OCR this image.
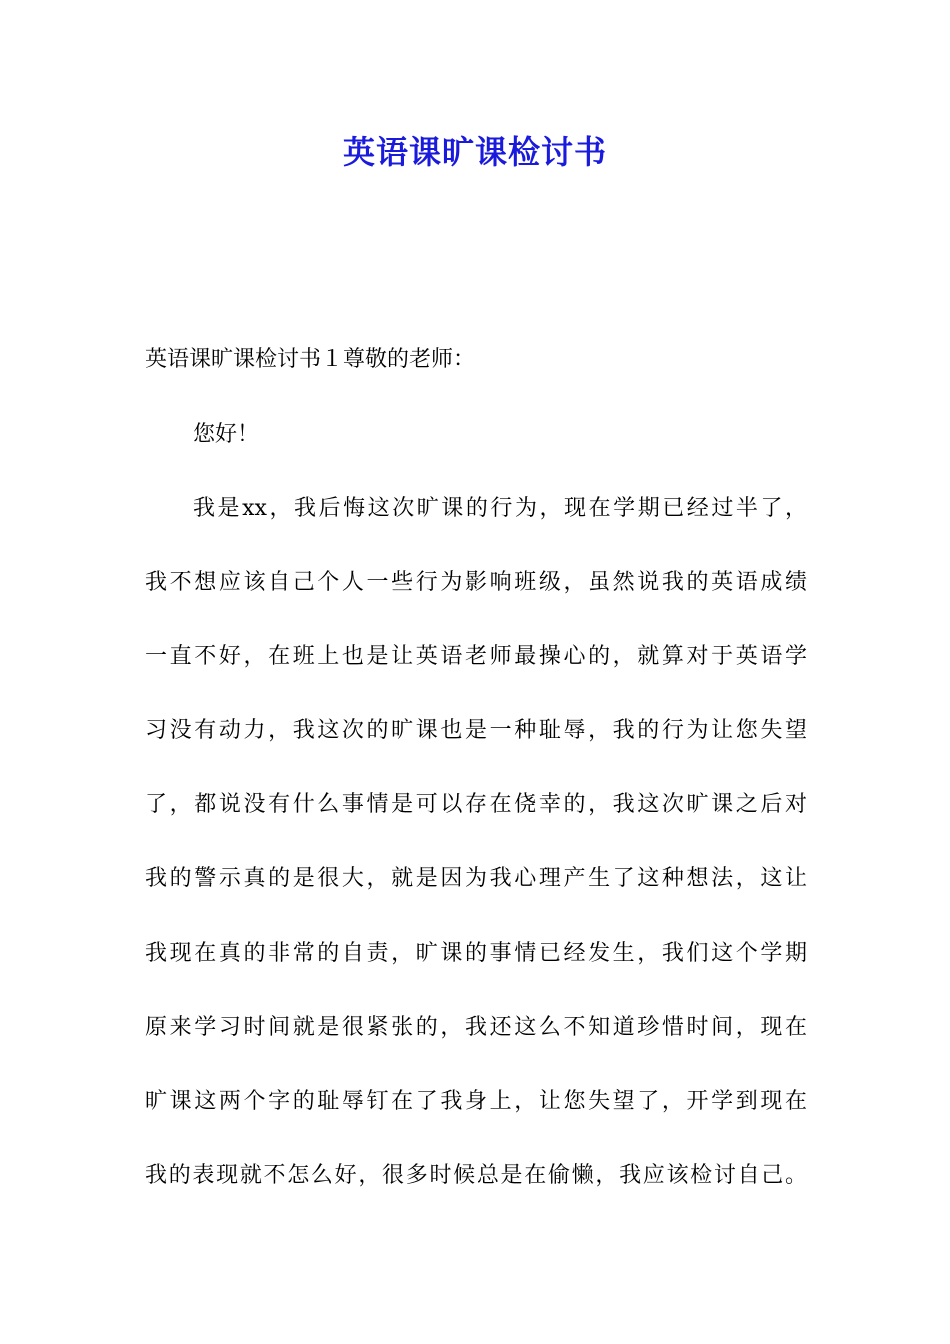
英语课旷课检讨书
英语课旷课检讨书１尊敬的老师：
您好！
我是xx，我后悔这次旷课的行为，现在学期已经过半了，
我不想应该自己个人一些行为影响班级，虽然说我的英语成绩
一直不好，在班上也是让英语老师最操心的，就算对于英语学
习没有动力，我这次的旷课也是一种耻辱，我的行为让您失望
了，都说没有什么事情是可以存在侥幸的，我这次旷课之后对
我的警示真的是很大，就是因为我心理产生了这种想法，这让
我现在真的非常的自责，旷课的事情已经发生，我们这个学期
原来学习时间就是很紧张的，我还这么不知道珍惜时间，现在
旷课这两个字的耻辱钉在了我身上，让您失望了，开学到现在
我的表现就不怎么好，很多时候总是在偷懒，我应该检讨自己。
